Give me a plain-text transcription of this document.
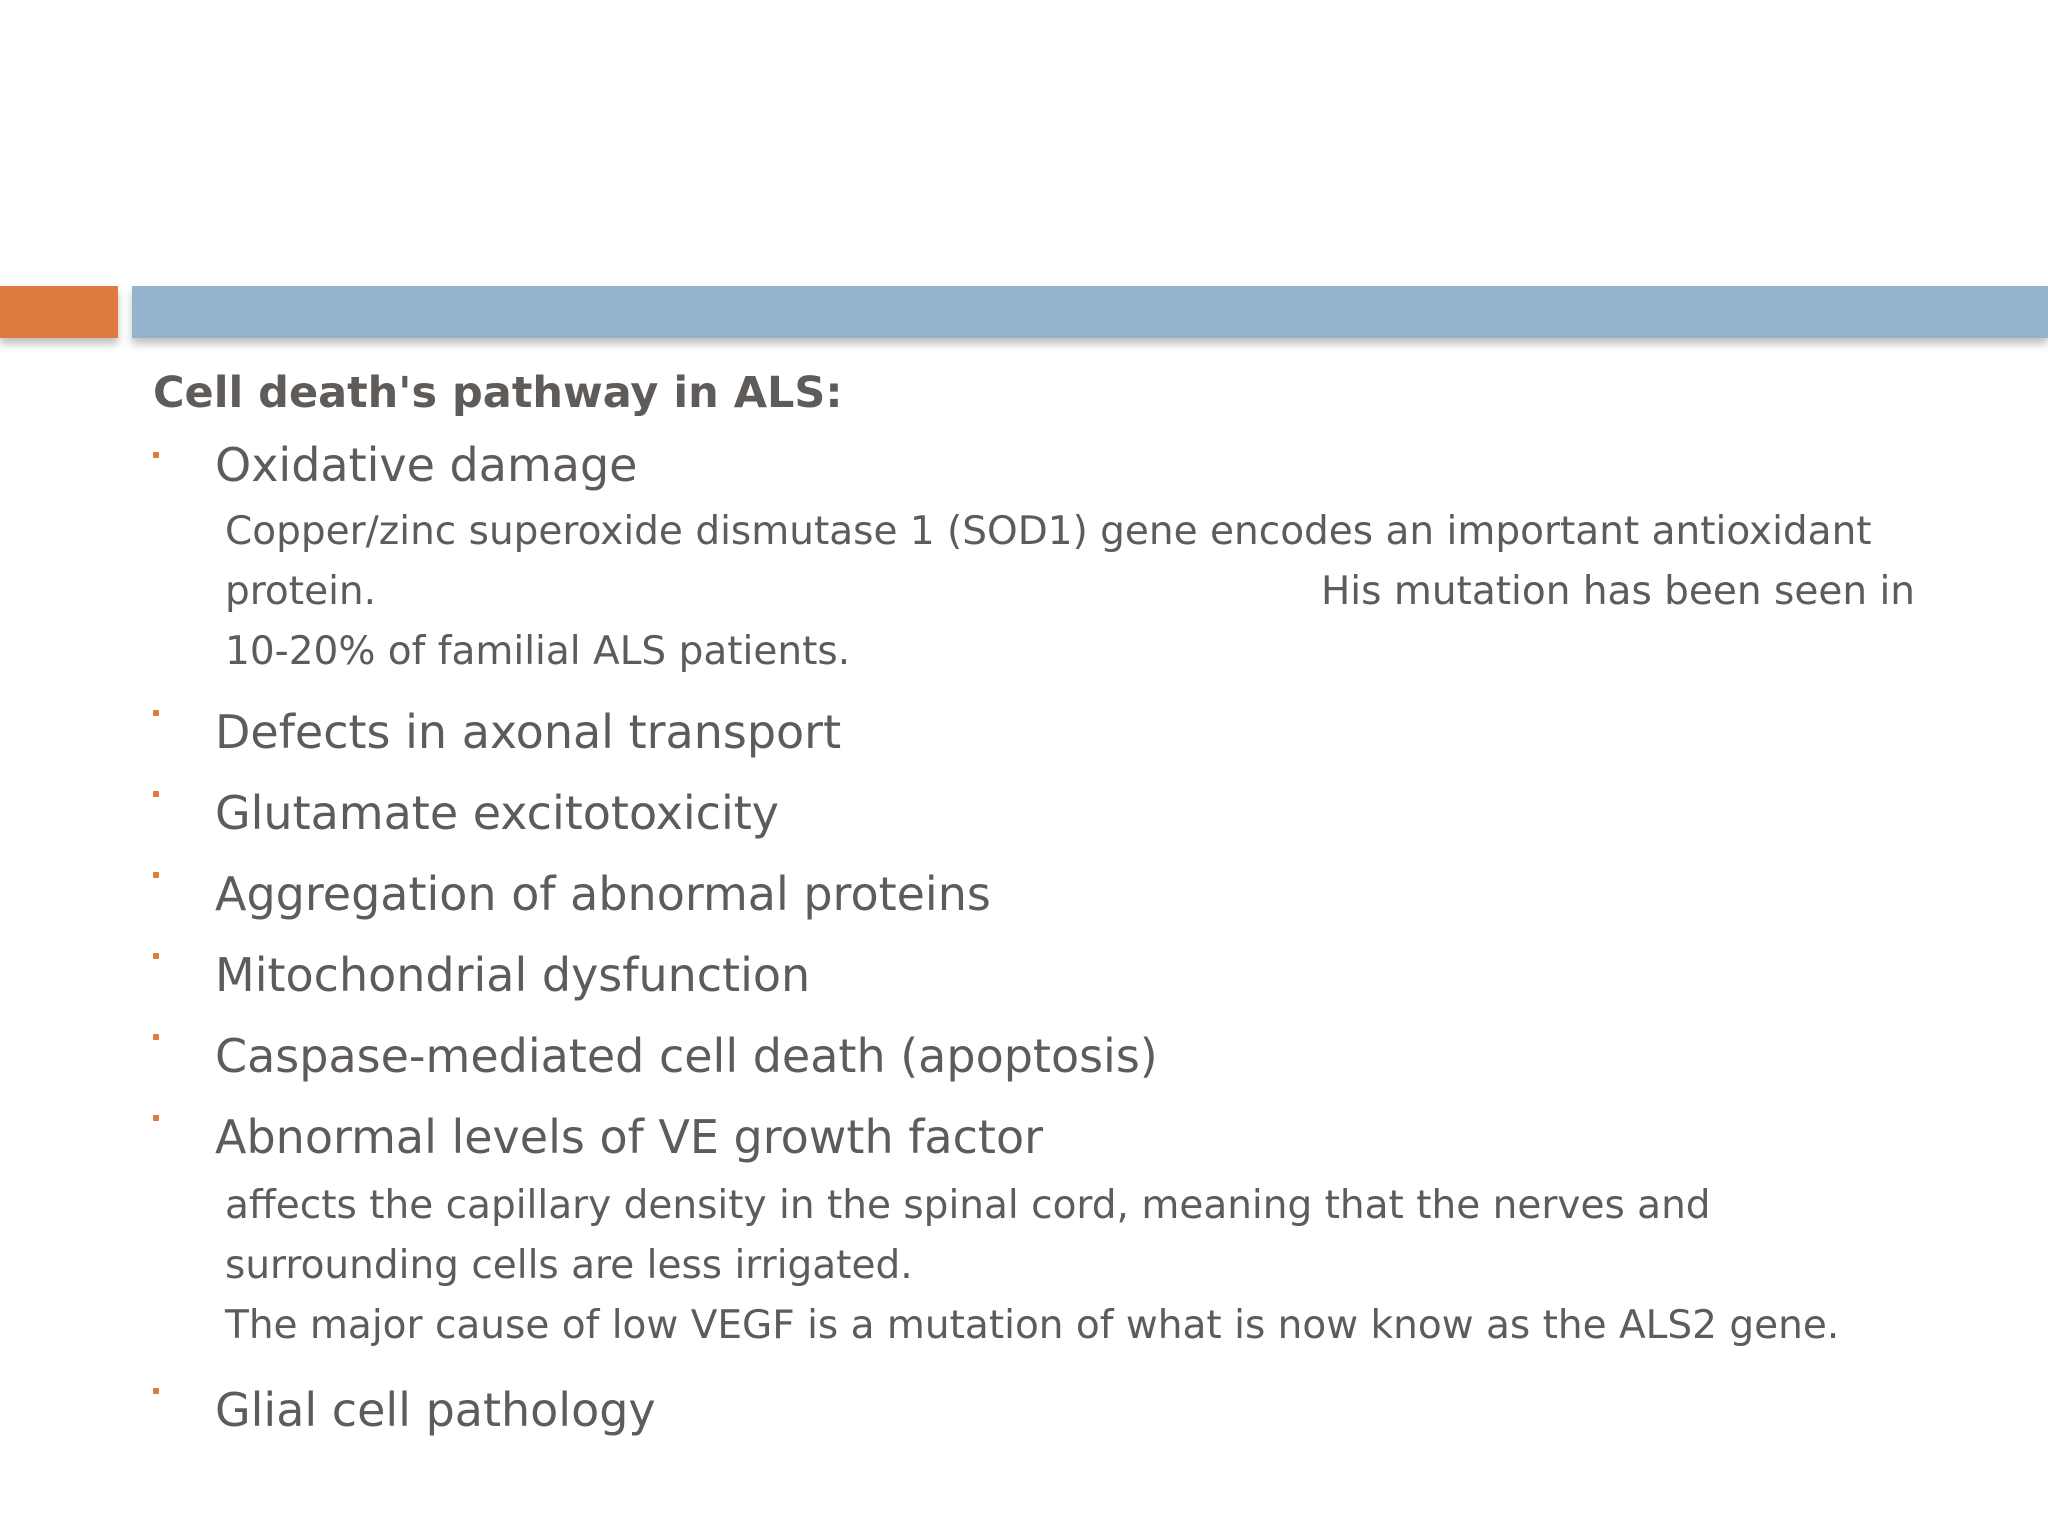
Cell death's pathway in ALS:
Oxidative damage
Copper/zinc superoxide dismutase 1 (SOD1) gene encodes an important antioxidant
protein.	His mutation has been seen in
10-20% of familial ALS patients.
Defects in axonal transport
Glutamate excitotoxicity
Aggregation of abnormal proteins
Mitochondrial dysfunction
Caspase-mediated cell death (apoptosis)
Abnormal levels of VE growth factor
affects the capillary density in the spinal cord, meaning that the nerves and
surrounding cells are less irrigated.
The major cause of low VEGF is a mutation of what is now know as the ALS2 gene.
Glial cell pathology
